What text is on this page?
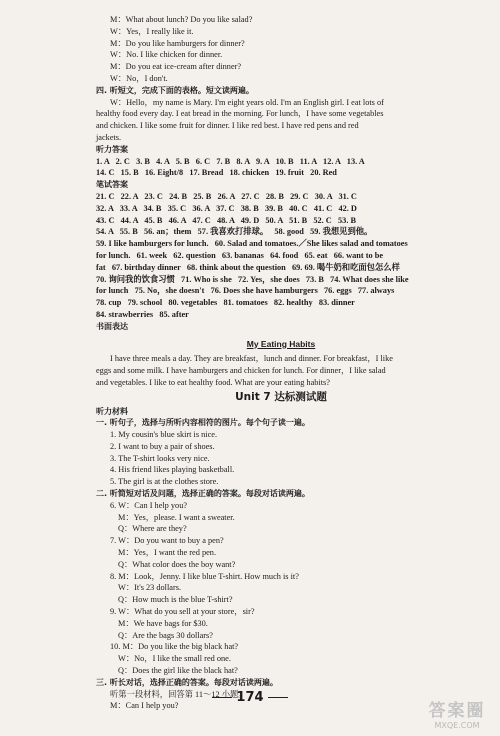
M：What about lunch? Do you like salad?
W：Yes，I really like it.
M：Do you like hamburgers for dinner?
W：No. I like chicken for dinner.
M：Do you eat ice-cream after dinner?
W：No，I don't.
四. 听短文，完成下面的表格。短文读两遍。
W：Hello，my name is Mary. I'm eight years old. I'm an English girl. I eat lots of
healthy food every day. I eat bread in the morning. For lunch，I have some vegetables
and chicken. I like some fruit for dinner. I like red best. I have red pens and red
jackets.
听力答案
1. A   2. C   3. B   4. A   5. B   6. C   7. B   8. A   9. A   10. B   11. A   12. A   13. A
14. C   15. B   16. Eight/8   17. Bread   18. chicken   19. fruit   20. Red
笔试答案
21. C   22. A   23. C   24. B   25. B   26. A   27. C   28. B   29. C   30. A   31. C
32. A   33. A   34. B   35. C   36. A   37. C   38. B   39. B   40. C   41. C   42. D
43. C   44. A   45. B   46. A   47. C   48. A   49. D   50. A   51. B   52. C   53. B
54. A   55. B   56. an；them   57. 我喜欢打排球。   58. good   59. 我想见到他。
59. I like hamburgers for lunch.   60. Salad and tomatoes.／She likes salad and tomatoes
for lunch.   61. week   62. question   63. bananas   64. food   65. eat   66. want to be
fat   67. birthday dinner   68. think about the question   69. 69. 喝牛奶和吃面包怎么样
70. 询问我的饮食习惯   71. Who is she   72. Yes，she does   73. B   74. What does she like
for lunch   75. No，she doesn't   76. Does she have hamburgers   76. eggs   77. always
78. cup   79. school   80. vegetables   81. tomatoes   82. healthy   83. dinner
84. strawberries   85. after
书面表达
My Eating Habits
I have three meals a day. They are breakfast，lunch and dinner. For breakfast，I like
eggs and some milk. I have hamburgers and chicken for lunch. For dinner，I like salad
and vegetables. I like to eat healthy food. What are your eating habits?
Unit 7 达标测试题
听力材料
一. 听句子，选择与所听内容相符的图片。每个句子读一遍。
1. My cousin's blue skirt is nice.
2. I want to buy a pair of shoes.
3. The T-shirt looks very nice.
4. His friend likes playing basketball.
5. The girl is at the clothes store.
二. 听简短对话及问题，选择正确的答案。每段对话读两遍。
6. W：Can I help you?
M：Yes，please. I want a sweater.
Q：Where are they?
7. W：Do you want to buy a pen?
M：Yes，I want the red pen.
Q：What color does the boy want?
8. M：Look，Jenny. I like blue T-shirt. How much is it?
W：It's 23 dollars.
Q：How much is the blue T-shirt?
9. W：What do you sell at your store，sir?
M：We have bags for $30.
Q：Are the bags 30 dollars?
10. M：Do you like the big black hat?
W：No，I like the small red one.
Q：Does the girl like the black hat?
三. 听长对话，选择正确的答案。每段对话读两遍。
听第一段材料，回答第 11～12 小题。
M：Can I help you?
174
答案圈
MXQE.COM
